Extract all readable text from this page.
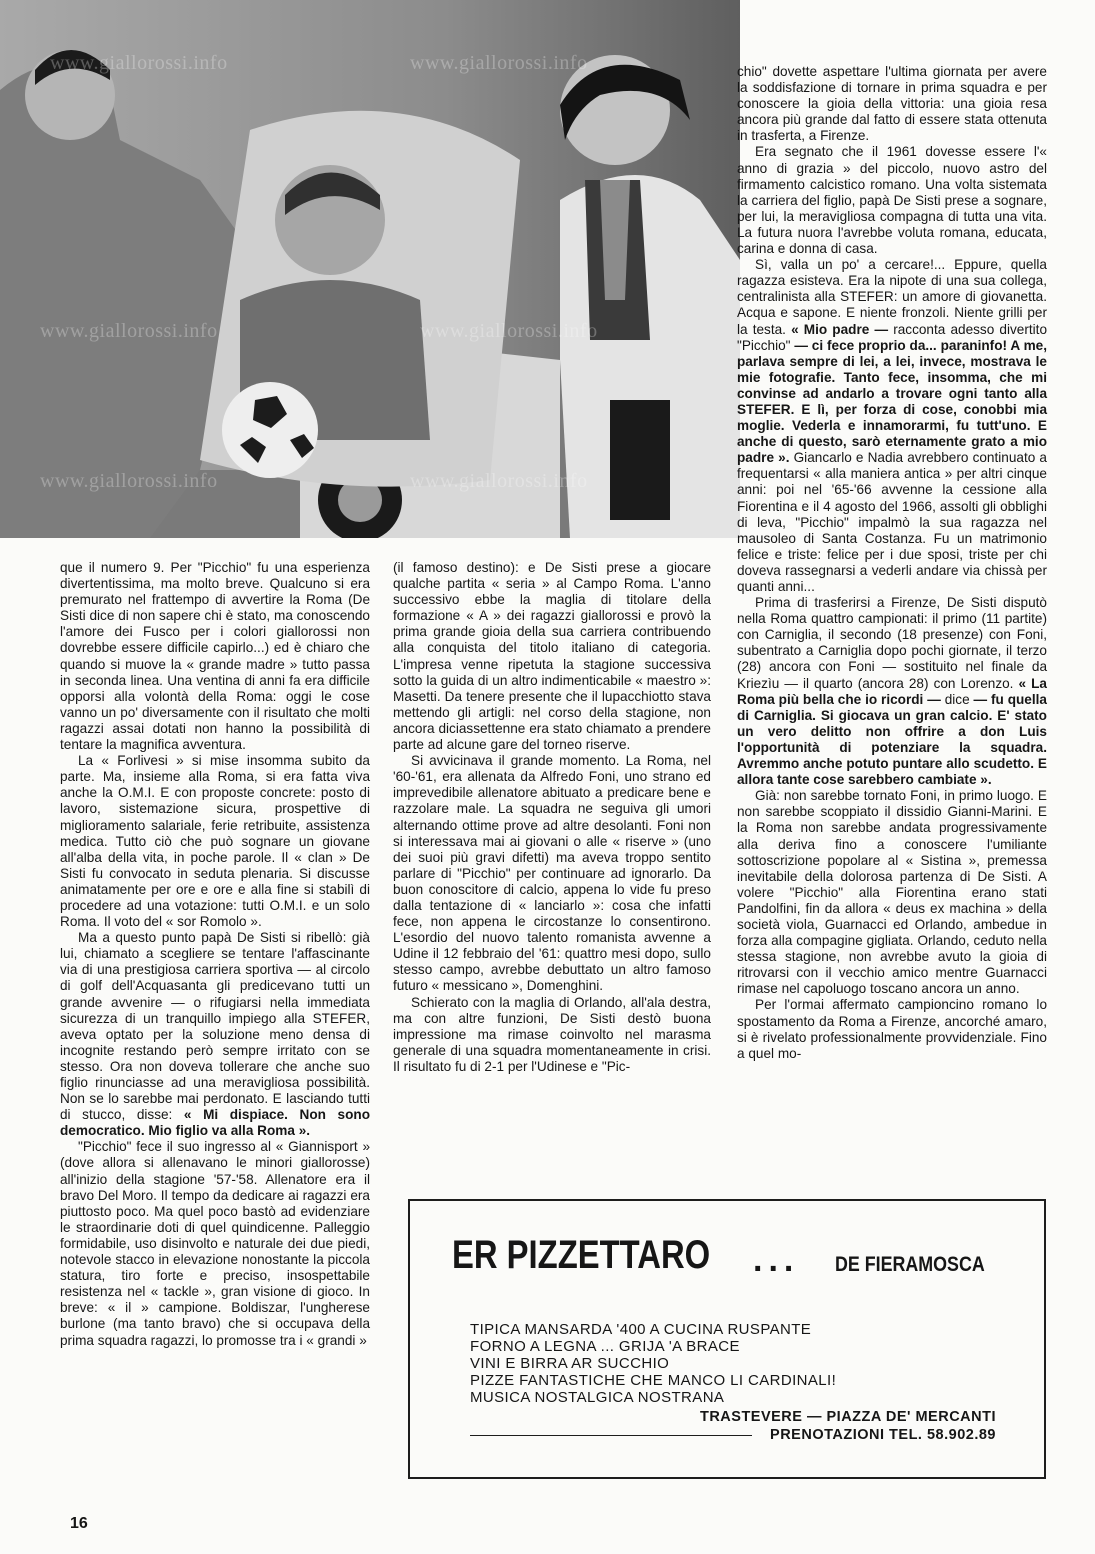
www.giallorossi.info	www.giallorossi.info
www.giallorossi.info	www.giallorossi.info
www.giallorossi.info	www.giallorossi.info

que il numero 9. Per "Picchio" fu una esperienza divertentissima, ma molto breve. Qualcuno si era premurato nel frattempo di avvertire la Roma (De Sisti dice di non sapere chi è stato, ma conoscendo l'amore dei Fusco per i colori giallorossi non dovrebbe essere difficile capirlo...) ed è chiaro che quando si muove la « grande madre » tutto passa in seconda linea. Una ventina di anni fa era difficile opporsi alla volontà della Roma: oggi le cose vanno un po' diversamente con il risultato che molti ragazzi assai dotati non hanno la possibilità di tentare la magnifica avventura.

La « Forlivesi » si mise insomma subito da parte. Ma, insieme alla Roma, si era fatta viva anche la O.M.I. E con proposte concrete: posto di lavoro, sistemazione sicura, prospettive di miglioramento salariale, ferie retribuite, assistenza medica. Tutto ciò che può sognare un giovane all'alba della vita, in poche parole. Il « clan » De Sisti fu convocato in seduta plenaria. Si discusse animatamente per ore e ore e alla fine si stabilì di procedere ad una votazione: tutti O.M.I. e un solo Roma. Il voto del « sor Romolo ».

Ma a questo punto papà De Sisti si ribellò: già lui, chiamato a scegliere se tentare l'affascinante via di una prestigiosa carriera sportiva — al circolo di golf dell'Acquasanta gli predicevano tutti un grande avvenire — o rifugiarsi nella immediata sicurezza di un tranquillo impiego alla STEFER, aveva optato per la soluzione meno densa di incognite restando però sempre irritato con se stesso. Ora non doveva tollerare che anche suo figlio rinunciasse ad una meravigliosa possibilità. Non se lo sarebbe mai perdonato. E lasciando tutti di stucco, disse: « Mi dispiace. Non sono democratico. Mio figlio va alla Roma ».

"Picchio" fece il suo ingresso al « Giannisport » (dove allora si allenavano le minori giallorosse) all'inizio della stagione '57-'58. Allenatore era il bravo Del Moro. Il tempo da dedicare ai ragazzi era piuttosto poco. Ma quel poco bastò ad evidenziare le straordinarie doti di quel quindicenne. Palleggio formidabile, uso disinvolto e naturale dei due piedi, notevole stacco in elevazione nonostante la piccola statura, tiro forte e preciso, insospettabile resistenza nel « tackle », gran visione di gioco. In breve: « il » campione. Boldiszar, l'ungherese burlone (ma tanto bravo) che si occupava della prima squadra ragazzi, lo promosse tra i « grandi »

(il famoso destino): e De Sisti prese a giocare qualche partita « seria » al Campo Roma. L'anno successivo ebbe la maglia di titolare della formazione « A » dei ragazzi giallorossi e provò la prima grande gioia della sua carriera contribuendo alla conquista del titolo italiano di categoria. L'impresa venne ripetuta la stagione successiva sotto la guida di un altro indimenticabile « maestro »: Masetti. Da tenere presente che il lupacchiotto stava mettendo gli artigli: nel corso della stagione, non ancora diciassettenne era stato chiamato a prendere parte ad alcune gare del torneo riserve.

Si avvicinava il grande momento. La Roma, nel '60-'61, era allenata da Alfredo Foni, uno strano ed imprevedibile allenatore abituato a predicare bene e razzolare male. La squadra ne seguiva gli umori alternando ottime prove ad altre desolanti. Foni non si interessava mai ai giovani o alle « riserve » (uno dei suoi più gravi difetti) ma aveva troppo sentito parlare di "Picchio" per continuare ad ignorarlo. Da buon conoscitore di calcio, appena lo vide fu preso dalla tentazione di « lanciarlo »: cosa che infatti fece, non appena le circostanze lo consentirono. L'esordio del nuovo talento romanista avvenne a Udine il 12 febbraio del '61: quattro mesi dopo, sullo stesso campo, avrebbe debuttato un altro famoso futuro « messicano », Domenghini.

Schierato con la maglia di Orlando, all'ala destra, ma con altre funzioni, De Sisti destò buona impressione ma rimase coinvolto nel marasma generale di una squadra momentaneamente in crisi. Il risultato fu di 2-1 per l'Udinese e "Pic-

chio" dovette aspettare l'ultima giornata per avere la soddisfazione di tornare in prima squadra e per conoscere la gioia della vittoria: una gioia resa ancora più grande dal fatto di essere stata ottenuta in trasferta, a Firenze.

Era segnato che il 1961 dovesse essere l'« anno di grazia » del piccolo, nuovo astro del firmamento calcistico romano. Una volta sistemata la carriera del figlio, papà De Sisti prese a sognare, per lui, la meravigliosa compagna di tutta una vita. La futura nuora l'avrebbe voluta romana, educata, carina e donna di casa.

Sì, valla un po' a cercare!... Eppure, quella ragazza esisteva. Era la nipote di una sua collega, centralinista alla STEFER: un amore di giovanetta. Acqua e sapone. E niente fronzoli. Niente grilli per la testa. « Mio padre — racconta adesso divertito "Picchio" — ci fece proprio da... paraninfo! A me, parlava sempre di lei, a lei, invece, mostrava le mie fotografie. Tanto fece, insomma, che mi convinse ad andarlo a trovare ogni tanto alla STEFER. E lì, per forza di cose, conobbi mia moglie. Vederla e innamorarmi, fu tutt'uno. E anche di questo, sarò eternamente grato a mio padre ». Giancarlo e Nadia avrebbero continuato a frequentarsi « alla maniera antica » per altri cinque anni: poi nel '65-'66 avvenne la cessione alla Fiorentina e il 4 agosto del 1966, assolti gli obblighi di leva, "Picchio" impalmò la sua ragazza nel mausoleo di Santa Costanza. Fu un matrimonio felice e triste: felice per i due sposi, triste per chi doveva rassegnarsi a vederli andare via chissà per quanti anni...

Prima di trasferirsi a Firenze, De Sisti disputò nella Roma quattro campionati: il primo (11 partite) con Carniglia, il secondo (18 presenze) con Foni, subentrato a Carniglia dopo pochi giornate, il terzo (28) ancora con Foni — sostituito nel finale da Kriezìu — il quarto (ancora 28) con Lorenzo. « La Roma più bella che io ricordi — dice — fu quella di Carniglia. Si giocava un gran calcio. E' stato un vero delitto non offrire a don Luis l'opportunità di potenziare la squadra. Avremmo anche potuto puntare allo scudetto. E allora tante cose sarebbero cambiate ».

Già: non sarebbe tornato Foni, in primo luogo. E non sarebbe scoppiato il dissidio Gianni-Marini. E la Roma non sarebbe andata progressivamente alla deriva fino a conoscere l'umiliante sottoscrizione popolare al « Sistina », premessa inevitabile della dolorosa partenza di De Sisti. A volere "Picchio" alla Fiorentina erano stati Pandolfini, fin da allora « deus ex machina » della società viola, Guarnacci ed Orlando, ambedue in forza alla compagine gigliata. Orlando, ceduto nella stessa stagione, non avrebbe avuto la gioia di ritrovarsi con il vecchio amico mentre Guarnacci rimase nel capoluogo toscano ancora un anno.

Per l'ormai affermato campioncino romano lo spostamento da Roma a Firenze, ancorché amaro, si è rivelato professionalmente provvidenziale. Fino a quel mo-

ER PIZZETTARO ... DE FIERAMOSCA
TIPICA MANSARDA '400 A CUCINA RUSPANTE
FORNO A LEGNA ... GRIJA 'A BRACE
VINI E BIRRA AR SUCCHIO
PIZZE FANTASTICHE CHE MANCO LI CARDINALI!
MUSICA NOSTALGICA NOSTRANA
TRASTEVERE — PIAZZA DE' MERCANTI
PRENOTAZIONI TEL. 58.902.89
16
